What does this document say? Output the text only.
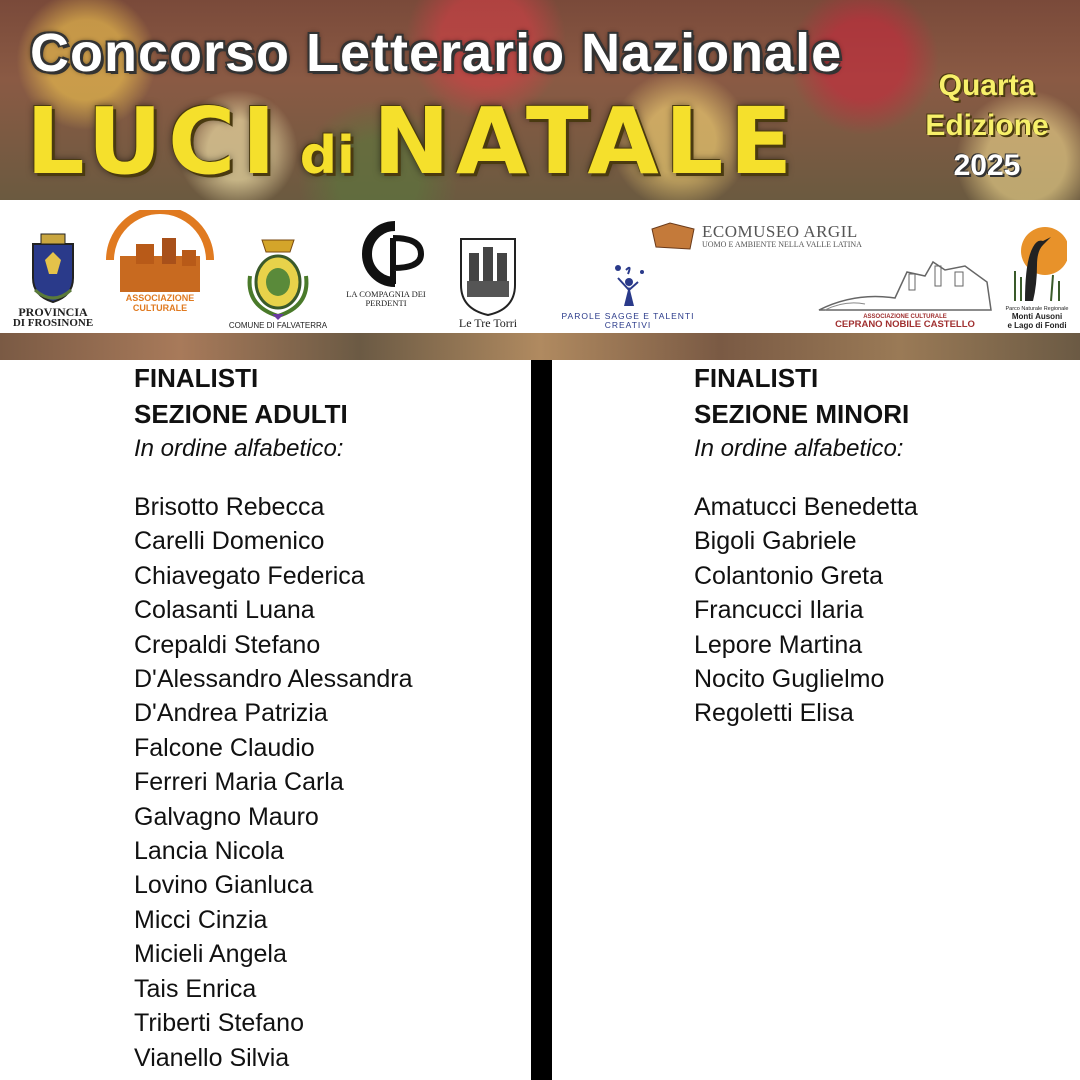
Concorso Letterario Nazionale
LUCI di NATALE
Quarta
Edizione
2025
PROVINCIA
DI FROSINONE
ASSOCIAZIONE CULTURALE
COMUNE DI FALVATERRA
LA COMPAGNIA DEI PERDENTI
Le Tre Torri
PAROLE SAGGE E TALENTI CREATIVI
ECOMUSEO ARGIL
UOMO E AMBIENTE NELLA VALLE LATINA
ASSOCIAZIONE CULTURALE
CEPRANO NOBILE CASTELLO
Parco Naturale Regionale
Monti Ausoni
e Lago di Fondi
FINALISTI
SEZIONE ADULTI
In ordine alfabetico:
Brisotto Rebecca
Carelli Domenico
Chiavegato Federica
Colasanti Luana
Crepaldi Stefano
D'Alessandro Alessandra
D'Andrea Patrizia
Falcone Claudio
Ferreri Maria Carla
Galvagno Mauro
Lancia Nicola
Lovino Gianluca
Micci Cinzia
Micieli Angela
Tais Enrica
Triberti Stefano
Vianello Silvia
FINALISTI
SEZIONE MINORI
In ordine alfabetico:
Amatucci Benedetta
Bigoli Gabriele
Colantonio Greta
Francucci Ilaria
Lepore Martina
Nocito Guglielmo
Regoletti Elisa
